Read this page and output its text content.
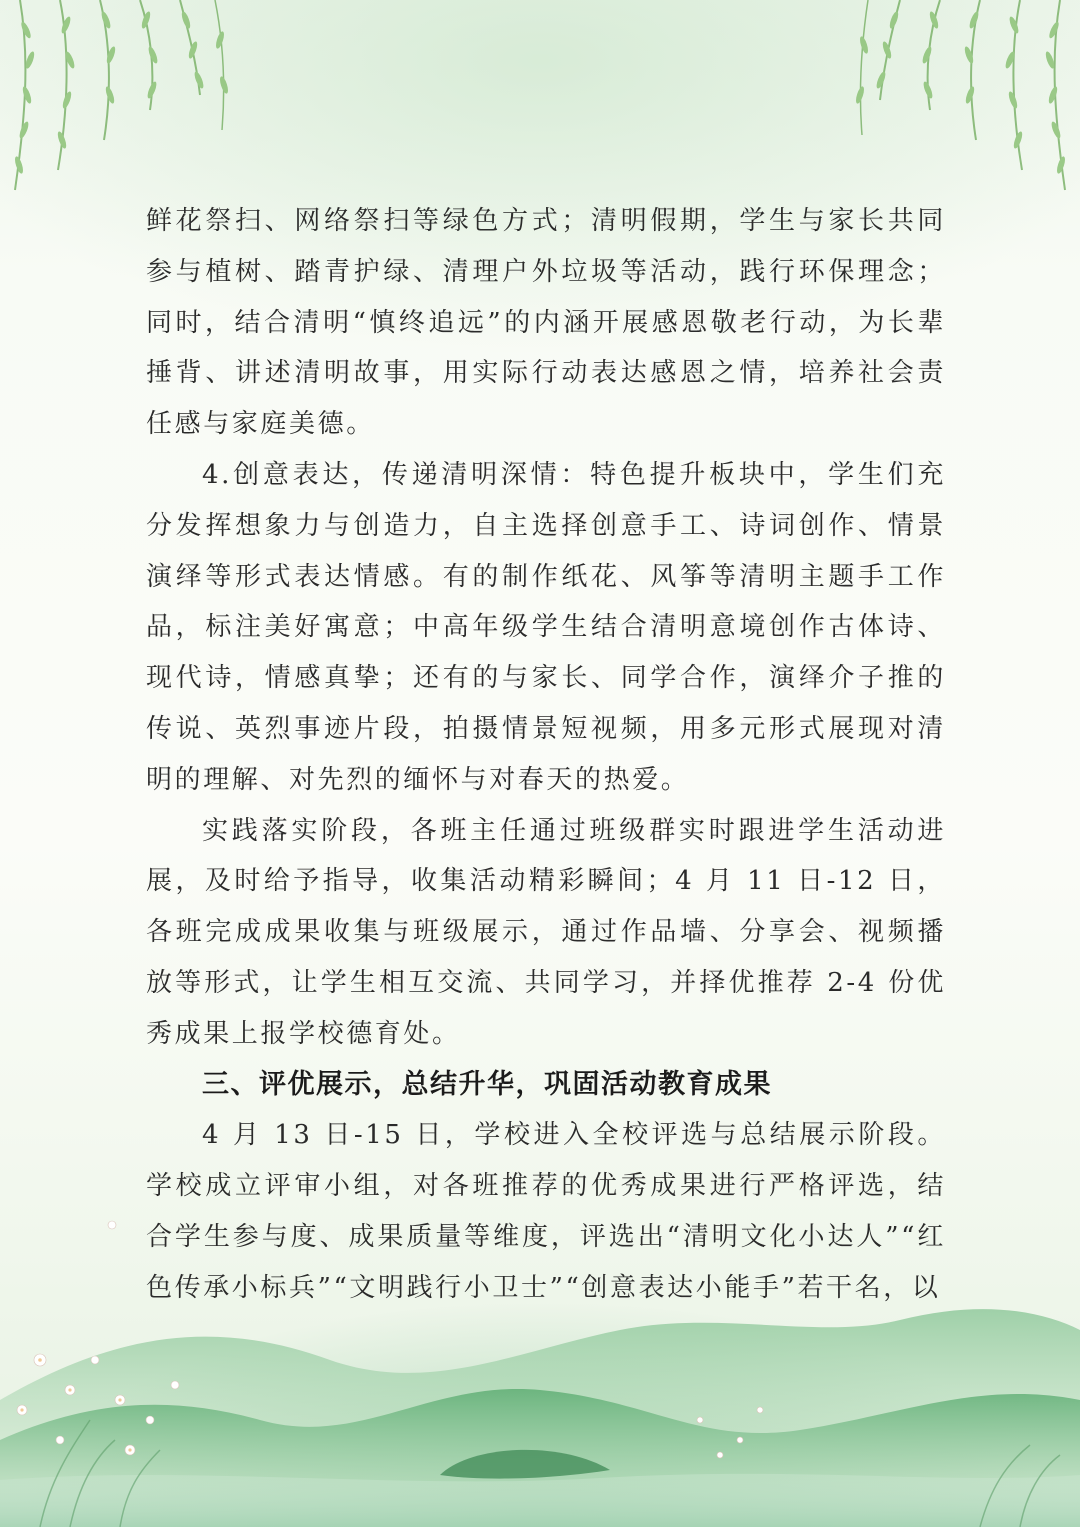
鲜花祭扫、网络祭扫等绿色方式；清明假期，学生与家长共同参与植树、踏青护绿、清理户外垃圾等活动，践行环保理念；同时，结合清明“慎终追远”的内涵开展感恩敬老行动，为长辈捶背、讲述清明故事，用实际行动表达感恩之情，培养社会责任感与家庭美德。

4.创意表达，传递清明深情：特色提升板块中，学生们充分发挥想象力与创造力，自主选择创意手工、诗词创作、情景演绎等形式表达情感。有的制作纸花、风筝等清明主题手工作品，标注美好寓意；中高年级学生结合清明意境创作古体诗、现代诗，情感真挚；还有的与家长、同学合作，演绎介子推的传说、英烈事迹片段，拍摄情景短视频，用多元形式展现对清明的理解、对先烈的缅怀与对春天的热爱。

实践落实阶段，各班主任通过班级群实时跟进学生活动进展，及时给予指导，收集活动精彩瞬间；4 月 11 日-12 日，各班完成成果收集与班级展示，通过作品墙、分享会、视频播放等形式，让学生相互交流、共同学习，并择优推荐 2-4 份优秀成果上报学校德育处。

三、评优展示，总结升华，巩固活动教育成果

4 月 13 日-15 日，学校进入全校评选与总结展示阶段。学校成立评审小组，对各班推荐的优秀成果进行严格评选，结合学生参与度、成果质量等维度，评选出“清明文化小达人”“红色传承小标兵”“文明践行小卫士”“创意表达小能手”若干名，以
